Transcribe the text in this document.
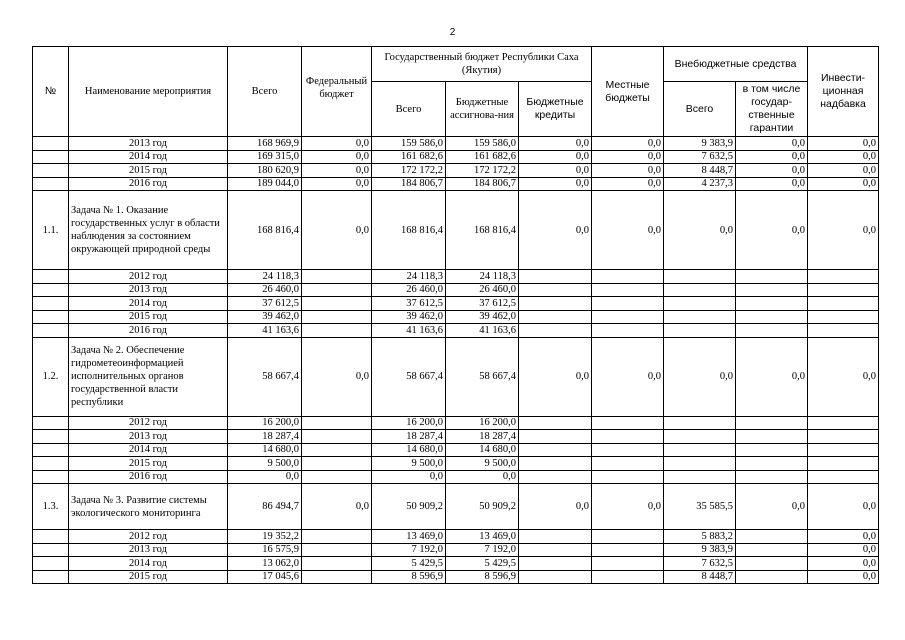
2
№	Наименование мероприятия	Всего	Федеральный бюджет	Государственный бюджет Республики Саха (Якутия)			Местные бюджеты	Внебюджетные средства		Инвести-ционная надбавка
				Всего	Бюджетные ассигнова-ния	Бюджетные кредиты		Всего	в том числе государ-ственные гарантии	
	2013 год	168 969,9	0,0	159 586,0	159 586,0	0,0	0,0	9 383,9	0,0	0,0
	2014 год	169 315,0	0,0	161 682,6	161 682,6	0,0	0,0	7 632,5	0,0	0,0
	2015 год	180 620,9	0,0	172 172,2	172 172,2	0,0	0,0	8 448,7	0,0	0,0
	2016 год	189 044,0	0,0	184 806,7	184 806,7	0,0	0,0	4 237,3	0,0	0,0
1.1.	Задача № 1. Оказание государственных услуг в области наблюдения за состоянием окружающей природной среды	168 816,4	0,0	168 816,4	168 816,4	0,0	0,0	0,0	0,0	0,0
	2012 год	24 118,3		24 118,3	24 118,3					
	2013 год	26 460,0		26 460,0	26 460,0					
	2014 год	37 612,5		37 612,5	37 612,5					
	2015 год	39 462,0		39 462,0	39 462,0					
	2016 год	41 163,6		41 163,6	41 163,6					
1.2.	Задача № 2. Обеспечение гидрометеоинформацией исполнительных органов государственной власти республики	58 667,4	0,0	58 667,4	58 667,4	0,0	0,0	0,0	0,0	0,0
	2012 год	16 200,0		16 200,0	16 200,0					
	2013 год	18 287,4		18 287,4	18 287,4					
	2014 год	14 680,0		14 680,0	14 680,0					
	2015 год	9 500,0		9 500,0	9 500,0					
	2016 год	0,0		0,0	0,0					
1.3.	Задача № 3. Развитие системы экологического мониторинга	86 494,7	0,0	50 909,2	50 909,2	0,0	0,0	35 585,5	0,0	0,0
	2012 год	19 352,2		13 469,0	13 469,0			5 883,2		0,0
	2013 год	16 575,9		7 192,0	7 192,0			9 383,9		0,0
	2014 год	13 062,0		5 429,5	5 429,5			7 632,5		0,0
	2015 год	17 045,6		8 596,9	8 596,9			8 448,7		0,0
